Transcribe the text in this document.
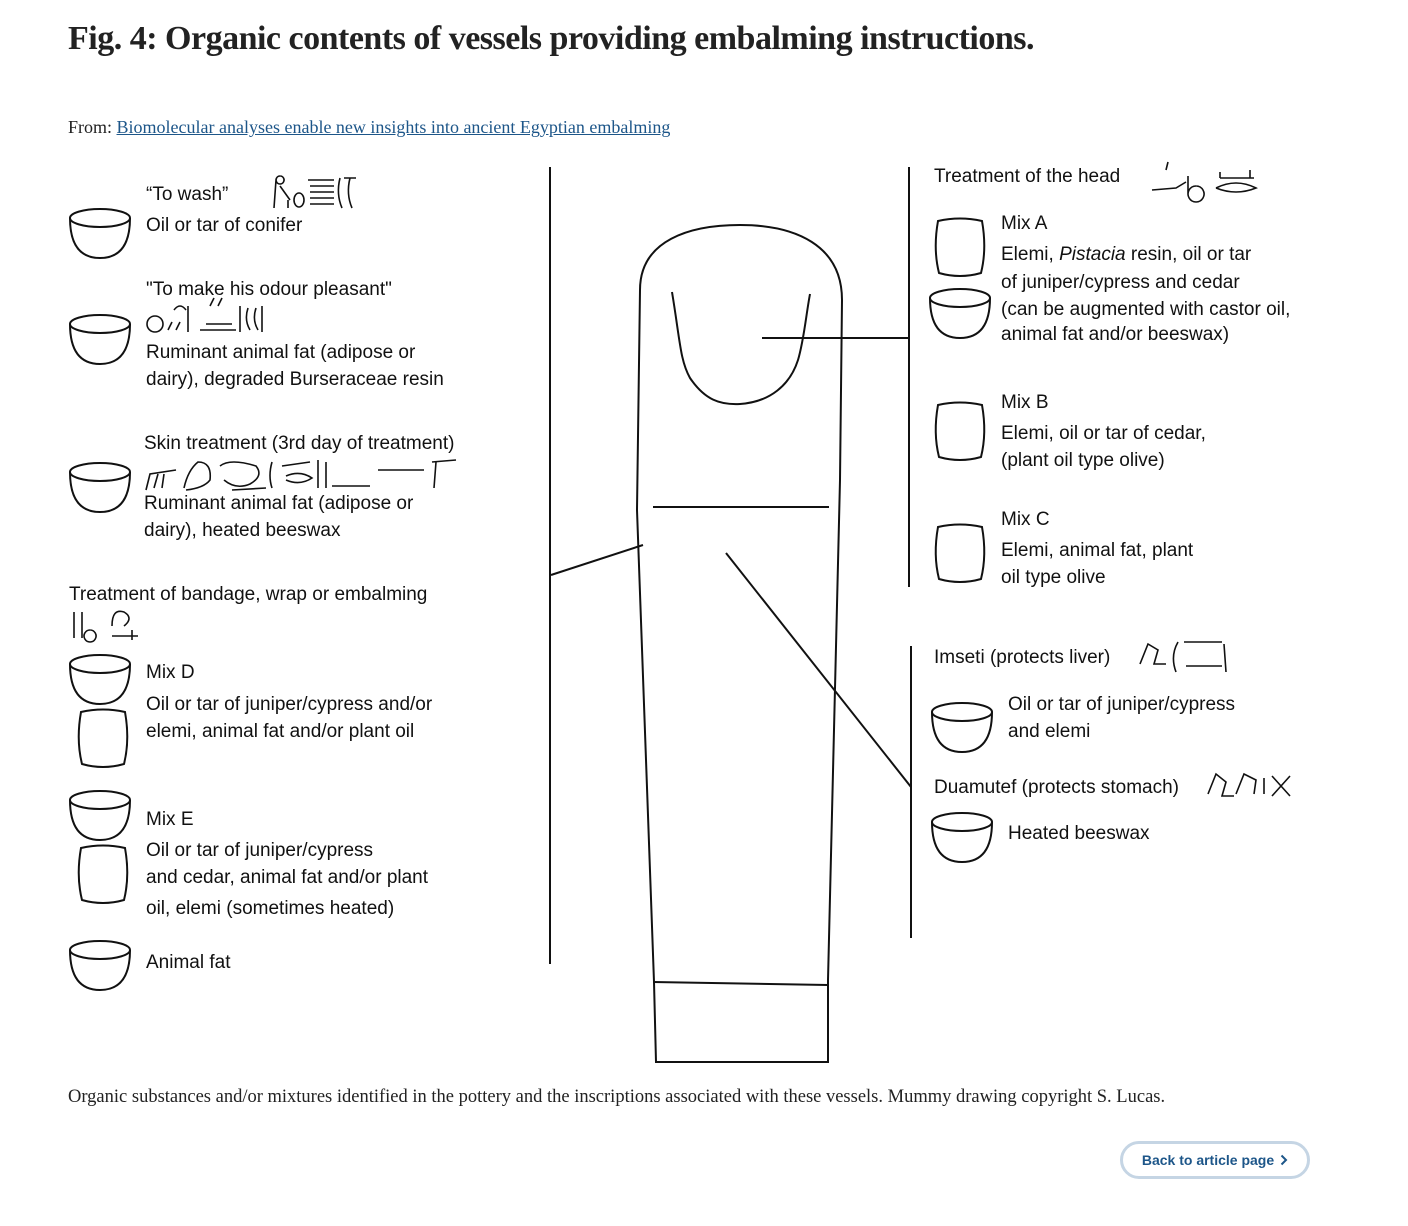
Fig. 4: Organic contents of vessels providing embalming instructions.
From: Biomolecular analyses enable new insights into ancient Egyptian embalming
“To wash”
Oil or tar of conifer
"To make his odour pleasant"
Ruminant animal fat (adipose or
dairy), degraded Burseraceae resin
Skin treatment (3rd day of treatment)
Ruminant animal fat (adipose or
dairy), heated beeswax
Treatment of bandage, wrap or embalming
Mix D
Oil or tar of juniper/cypress and/or
elemi, animal fat and/or plant oil
Mix E
Oil or tar of juniper/cypress
and cedar, animal fat and/or plant
oil, elemi (sometimes heated)
Animal fat
Treatment of the head
Mix A
Elemi, Pistacia resin, oil or tar
of juniper/cypress and cedar
(can be augmented with castor oil,
animal fat and/or beeswax)
Mix B
Elemi, oil or tar of cedar,
(plant oil type olive)
Mix C
Elemi, animal fat, plant
oil type olive
Imseti (protects liver)
Oil or tar of juniper/cypress
and elemi
Duamutef (protects stomach)
Heated beeswax
Organic substances and/or mixtures identified in the pottery and the inscriptions associated with these vessels. Mummy drawing copyright S. Lucas.
Back to article page
